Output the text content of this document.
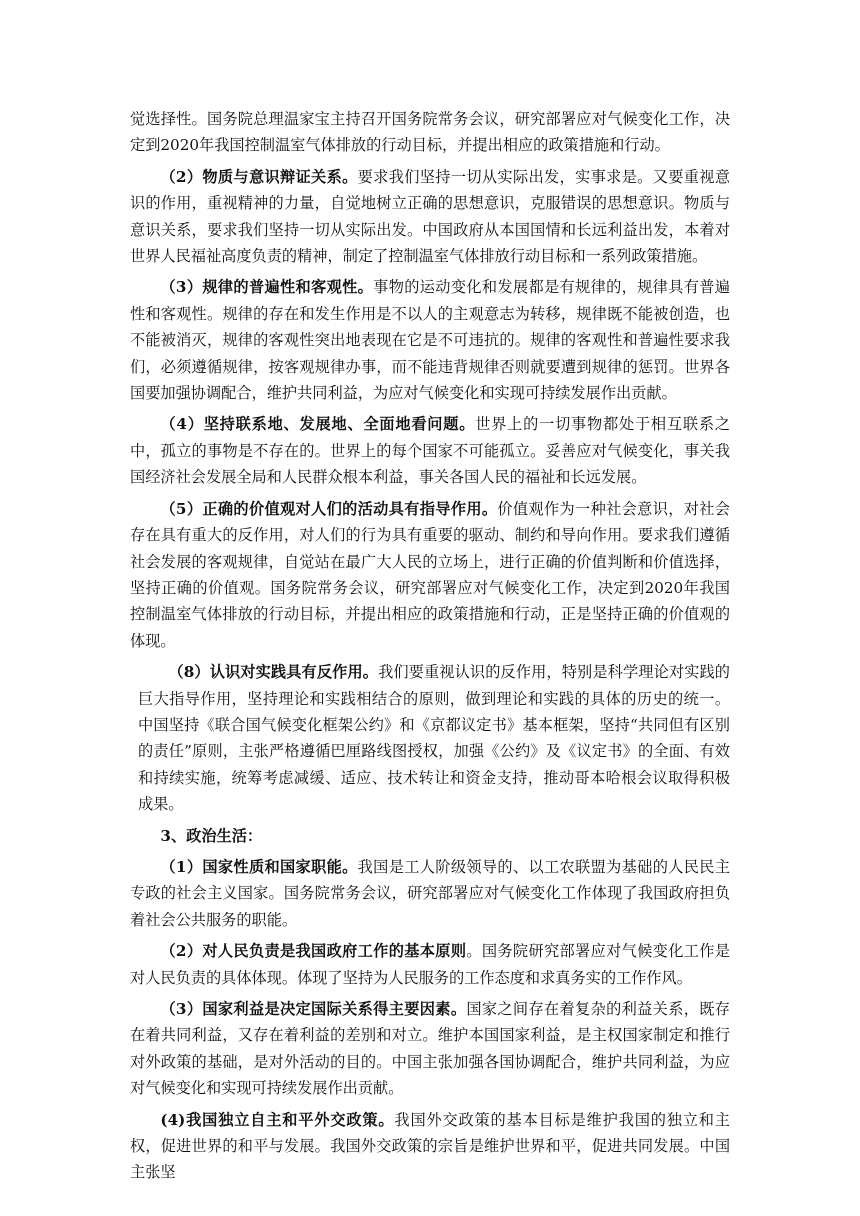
觉选择性。国务院总理温家宝主持召开国务院常务会议，研究部署应对气候变化工作，决定到2020年我国控制温室气体排放的行动目标，并提出相应的政策措施和行动。

（2）物质与意识辩证关系。要求我们坚持一切从实际出发，实事求是。又要重视意识的作用，重视精神的力量，自觉地树立正确的思想意识，克服错误的思想意识。物质与意识关系，要求我们坚持一切从实际出发。中国政府从本国国情和长远利益出发，本着对世界人民福祉高度负责的精神，制定了控制温室气体排放行动目标和一系列政策措施。

（3）规律的普遍性和客观性。事物的运动变化和发展都是有规律的，规律具有普遍性和客观性。规律的存在和发生作用是不以人的主观意志为转移，规律既不能被创造，也不能被消灭，规律的客观性突出地表现在它是不可违抗的。规律的客观性和普遍性要求我们，必须遵循规律，按客观规律办事，而不能违背规律否则就要遭到规律的惩罚。世界各国要加强协调配合，维护共同利益，为应对气候变化和实现可持续发展作出贡献。

（4）坚持联系地、发展地、全面地看问题。世界上的一切事物都处于相互联系之中，孤立的事物是不存在的。世界上的每个国家不可能孤立。妥善应对气候变化，事关我国经济社会发展全局和人民群众根本利益，事关各国人民的福祉和长远发展。

（5）正确的价值观对人们的活动具有指导作用。价值观作为一种社会意识，对社会存在具有重大的反作用，对人们的行为具有重要的驱动、制约和导向作用。要求我们遵循社会发展的客观规律，自觉站在最广大人民的立场上，进行正确的价值判断和价值选择，坚持正确的价值观。国务院常务会议，研究部署应对气候变化工作，决定到2020年我国控制温室气体排放的行动目标，并提出相应的政策措施和行动，正是坚持正确的价值观的体现。

（8）认识对实践具有反作用。我们要重视认识的反作用，特别是科学理论对实践的巨大指导作用，坚持理论和实践相结合的原则，做到理论和实践的具体的历史的统一。中国坚持《联合国气候变化框架公约》和《京都议定书》基本框架，坚持“共同但有区别的责任”原则，主张严格遵循巴厘路线图授权，加强《公约》及《议定书》的全面、有效和持续实施，统筹考虑减缓、适应、技术转让和资金支持，推动哥本哈根会议取得积极成果。

3、政治生活：

（1）国家性质和国家职能。我国是工人阶级领导的、以工农联盟为基础的人民民主专政的社会主义国家。国务院常务会议，研究部署应对气候变化工作体现了我国政府担负着社会公共服务的职能。

（2）对人民负责是我国政府工作的基本原则。国务院研究部署应对气候变化工作是对人民负责的具体体现。体现了坚持为人民服务的工作态度和求真务实的工作作风。

（3）国家利益是决定国际关系得主要因素。国家之间存在着复杂的利益关系，既存在着共同利益，又存在着利益的差别和对立。维护本国国家利益，是主权国家制定和推行对外政策的基础，是对外活动的目的。中国主张加强各国协调配合，维护共同利益，为应对气候变化和实现可持续发展作出贡献。

(4)我国独立自主和平外交政策。我国外交政策的基本目标是维护我国的独立和主权，促进世界的和平与发展。我国外交政策的宗旨是维护世界和平，促进共同发展。中国主张坚
